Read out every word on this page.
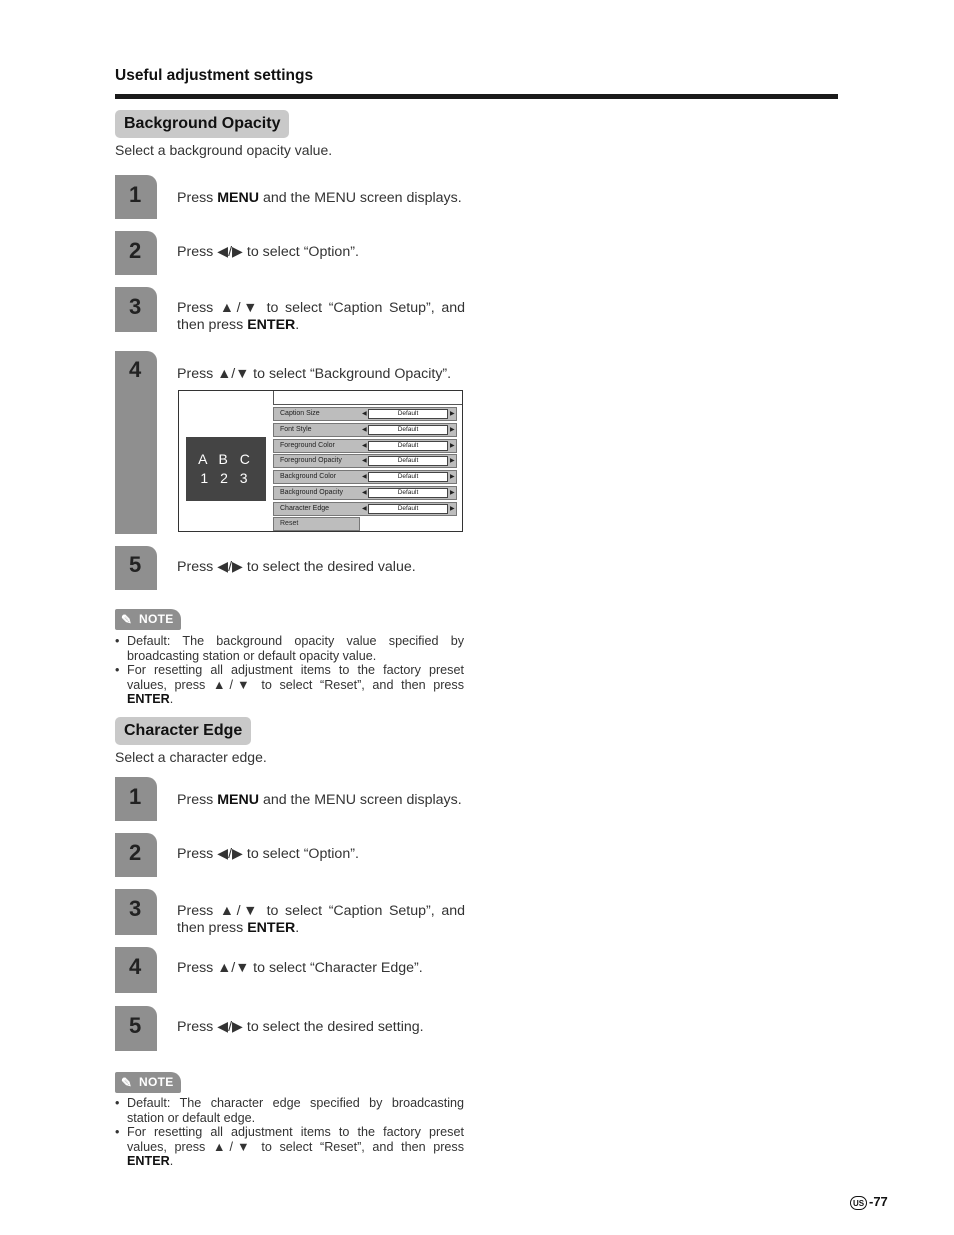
Useful adjustment settings
Background Opacity
Select a background opacity value.
1	Press MENU and the MENU screen displays.
2	Press ◀/▶ to select “Option”.
3	Press ▲/▼ to select “Caption Setup”, and then press ENTER.
4	Press ▲/▼ to select “Background Opacity”.
A B C
1 2 3
Caption Size	◀	Default	▶
Font Style	◀	Default	▶
Foreground Color	◀	Default	▶
Foreground Opacity	◀	Default	▶
Background Color	◀	Default	▶
Background Opacity	◀	Default	▶
Character Edge	◀	Default	▶
Reset
5	Press ◀/▶ to select the desired value.
✎ NOTE
• Default: The background opacity value specified by broadcasting station or default opacity value.
• For resetting all adjustment items to the factory preset values, press ▲/▼ to select “Reset”, and then press ENTER.
Character Edge
Select a character edge.
1	Press MENU and the MENU screen displays.
2	Press ◀/▶ to select “Option”.
3	Press ▲/▼ to select “Caption Setup”, and then press ENTER.
4	Press ▲/▼ to select “Character Edge”.
5	Press ◀/▶ to select the desired setting.
✎ NOTE
• Default: The character edge specified by broadcasting station or default edge.
• For resetting all adjustment items to the factory preset values, press ▲/▼ to select “Reset”, and then press ENTER.
US -77
